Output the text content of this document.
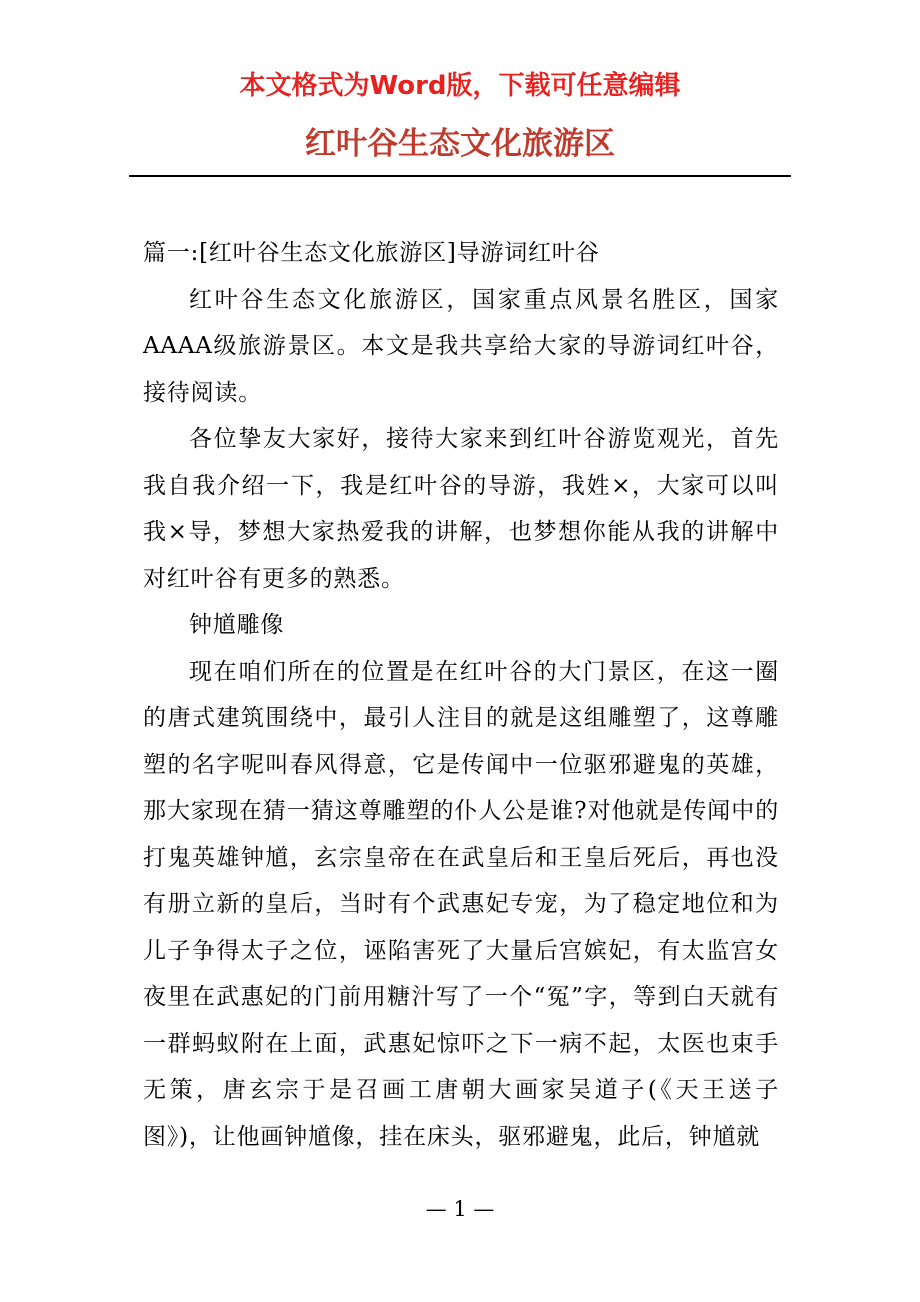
本文格式为Word版，下载可任意编辑
红叶谷生态文化旅游区

篇一:[红叶谷生态文化旅游区]导游词红叶谷

红叶谷生态文化旅游区，国家重点风景名胜区，国家AAAA级旅游景区。本文是我共享给大家的导游词红叶谷，接待阅读。

各位挚友大家好，接待大家来到红叶谷游览观光，首先我自我介绍一下，我是红叶谷的导游，我姓×，大家可以叫我×导，梦想大家热爱我的讲解，也梦想你能从我的讲解中对红叶谷有更多的熟悉。

钟馗雕像

现在咱们所在的位置是在红叶谷的大门景区，在这一圈的唐式建筑围绕中，最引人注目的就是这组雕塑了，这尊雕塑的名字呢叫春风得意，它是传闻中一位驱邪避鬼的英雄，那大家现在猜一猜这尊雕塑的仆人公是谁?对他就是传闻中的打鬼英雄钟馗，玄宗皇帝在在武皇后和王皇后死后，再也没有册立新的皇后，当时有个武惠妃专宠，为了稳定地位和为儿子争得太子之位，诬陷害死了大量后宫嫔妃，有太监宫女夜里在武惠妃的门前用糖汁写了一个“冤”字，等到白天就有一群蚂蚁附在上面，武惠妃惊吓之下一病不起，太医也束手无策，唐玄宗于是召画工唐朝大画家吴道子(《天王送子图》)，让他画钟馗像，挂在床头，驱邪避鬼，此后，钟馗就

— 1 —
